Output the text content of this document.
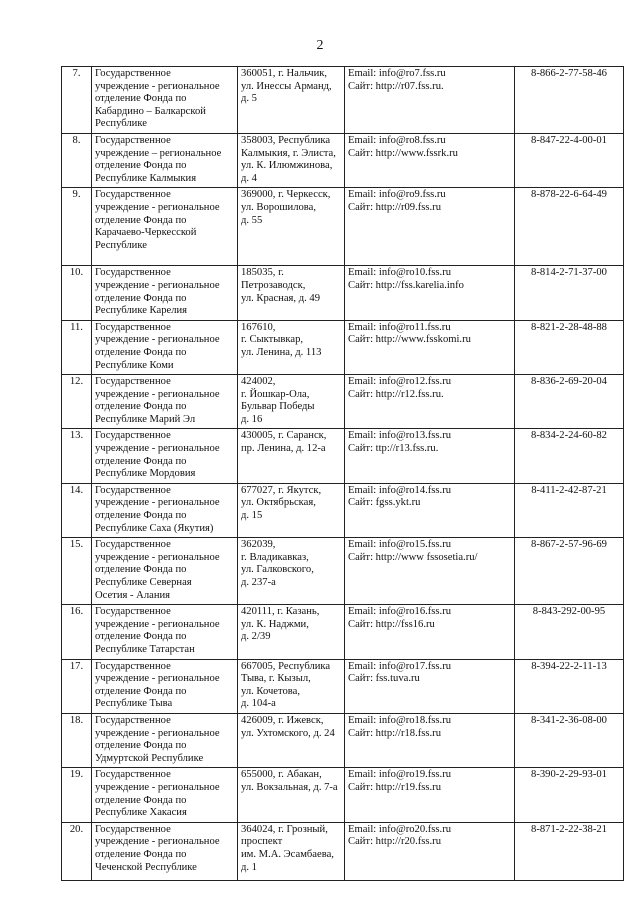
2
7.	Государственное
учреждение - региональное
отделение Фонда по
Кабардино – Балкарской
Республике	360051, г. Нальчик,
ул. Инессы Арманд,
д. 5	Email: info@ro7.fss.ru
Сайт: http://r07.fss.ru.	8-866-2-77-58-46
8.	Государственное
учреждение – региональное
отделение Фонда по
Республике Калмыкия	358003, Республика
Калмыкия, г. Элиста,
ул. К. Илюмжинова,
д. 4	Email: info@ro8.fss.ru
Сайт: http://www.fssrk.ru	8-847-22-4-00-01
9.	Государственное
учреждение - региональное
отделение Фонда по
Карачаево-Черкесской
Республике	369000, г. Черкесск,
ул. Ворошилова,
д. 55	Email: info@ro9.fss.ru
Сайт: http://r09.fss.ru	8-878-22-6-64-49
10.	Государственное
учреждение - региональное
отделение Фонда по
Республике Карелия	185035, г.
Петрозаводск,
ул. Красная, д. 49	Email: info@ro10.fss.ru
Сайт: http://fss.karelia.info	8-814-2-71-37-00
11.	Государственное
учреждение - региональное
отделение Фонда по
Республике Коми	167610,
г. Сыктывкар,
ул. Ленина, д. 113	Email: info@ro11.fss.ru
Сайт: http://www.fsskomi.ru	8-821-2-28-48-88
12.	Государственное
учреждение - региональное
отделение Фонда по
Республике Марий Эл	424002,
г. Йошкар-Ола,
Бульвар Победы
д. 16	Email: info@ro12.fss.ru
Сайт: http://r12.fss.ru.	8-836-2-69-20-04
13.	Государственное
учреждение - региональное
отделение Фонда по
Республике Мордовия	430005, г. Саранск,
пр. Ленина, д. 12-а	Email: info@ro13.fss.ru
Сайт: ttp://r13.fss.ru.	8-834-2-24-60-82
14.	Государственное
учреждение - региональное
отделение Фонда по
Республике Саха (Якутия)	677027, г. Якутск,
ул. Октябрьская,
д. 15	Email: info@ro14.fss.ru
Сайт: fgss.ykt.ru	8-411-2-42-87-21
15.	Государственное
учреждение - региональное
отделение Фонда по
Республике Северная
Осетия - Алания	362039,
г. Владикавказ,
ул. Галковского,
д. 237-а	Email: info@ro15.fss.ru
Сайт: http://www fssosetia.ru/	8-867-2-57-96-69
16.	Государственное
учреждение - региональное
отделение Фонда по
Республике Татарстан	420111, г. Казань,
ул. К. Наджми,
д. 2/39	Email: info@ro16.fss.ru
Сайт: http://fss16.ru	8-843-292-00-95
17.	Государственное
учреждение - региональное
отделение Фонда по
Республике Тыва	667005, Республика
Тыва, г. Кызыл,
ул. Кочетова,
д. 104-а	Email: info@ro17.fss.ru
Сайт: fss.tuva.ru	8-394-22-2-11-13
18.	Государственное
учреждение - региональное
отделение Фонда по
Удмуртской Республике	426009, г. Ижевск,
ул. Ухтомского, д. 24	Email: info@ro18.fss.ru
Сайт: http://r18.fss.ru	8-341-2-36-08-00
19.	Государственное
учреждение - региональное
отделение Фонда по
Республике Хакасия	655000, г. Абакан,
ул. Вокзальная, д. 7-а	Email: info@ro19.fss.ru
Сайт: http://r19.fss.ru	8-390-2-29-93-01
20.	Государственное
учреждение - региональное
отделение Фонда по
Чеченской Республике	364024, г. Грозный,
проспект
им. М.А. Эсамбаева,
д. 1	Email: info@ro20.fss.ru
Сайт: http://r20.fss.ru	8-871-2-22-38-21
